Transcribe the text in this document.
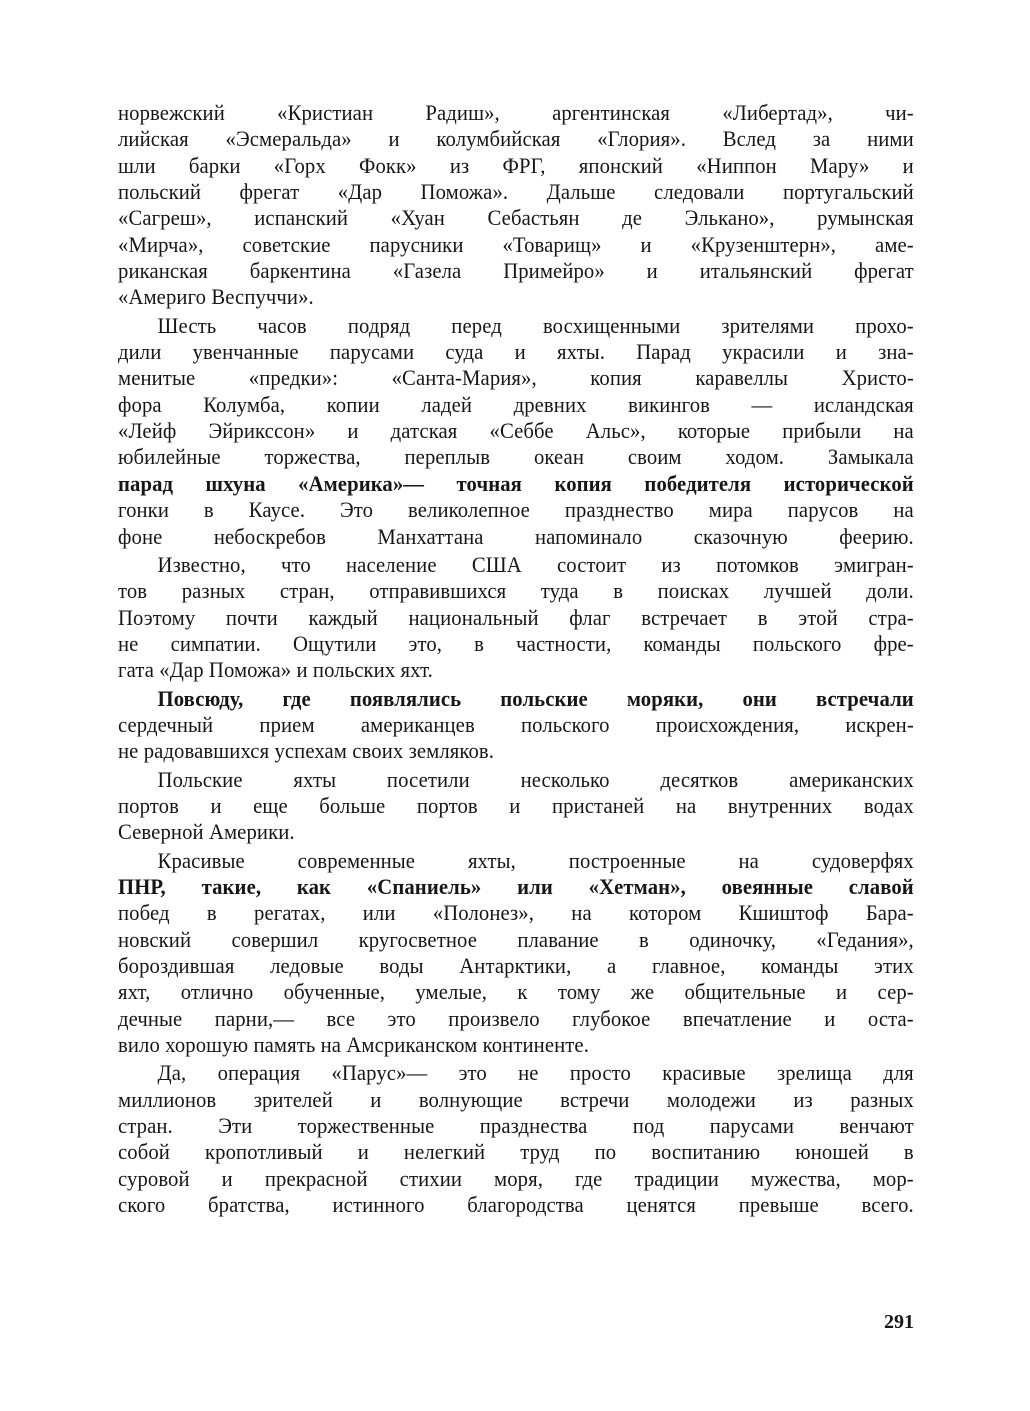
норвежский «Кристиан Радиш», аргентинская «Либертад», чи-
лийская «Эсмеральда» и колумбийская «Глория». Вслед за ними
шли барки «Горх Фокк» из ФРГ, японский «Ниппон Мару» и
польский фрегат «Дар Поможа». Дальше следовали португальский
«Сагреш», испанский «Хуан Себастьян де Элькано», румынская
«Мирча», советские парусники «Товарищ» и «Крузенштерн», аме-
риканская баркентина «Газела Примейро» и итальянский фрегат
«Америго Веспуччи».
Шесть часов подряд перед восхищенными зрителями прохо-
дили увенчанные парусами суда и яхты. Парад украсили и зна-
менитые «предки»: «Санта-Мария», копия каравеллы Христо-
фора Колумба, копии ладей древних викингов — исландская
«Лейф Эйрикссон» и датская «Себбе Альс», которые прибыли на
юбилейные торжества, переплыв океан своим ходом. Замыкала
парад шхуна «Америка»— точная копия победителя исторической
гонки в Каусе. Это великолепное празднество мира парусов на
фоне небоскребов Манхаттана напоминало сказочную феерию.
Известно, что население США состоит из потомков эмигран-
тов разных стран, отправившихся туда в поисках лучшей доли.
Поэтому почти каждый национальный флаг встречает в этой стра-
не симпатии. Ощутили это, в частности, команды польского фре-
гата «Дар Поможа» и польских яхт.
Повсюду, где появлялись польские моряки, они встречали
сердечный прием американцев польского происхождения, искрен-
не радовавшихся успехам своих земляков.
Польские яхты посетили несколько десятков американских
портов и еще больше портов и пристаней на внутренних водах
Северной Америки.
Красивые современные яхты, построенные на судоверфях
ПНР, такие, как «Спаниель» или «Хетман», овеянные славой
побед в регатах, или «Полонез», на котором Кшиштоф Бара-
новский совершил кругосветное плавание в одиночку, «Гедания»,
бороздившая ледовые воды Антарктики, а главное, команды этих
яхт, отлично обученные, умелые, к тому же общительные и сер-
дечные парни,— все это произвело глубокое впечатление и оста-
вило хорошую память на Амсриканском континенте.
Да, операция «Парус»— это не просто красивые зрелища для
миллионов зрителей и волнующие встречи молодежи из разных
стран. Эти торжественные празднества под парусами венчают
собой кропотливый и нелегкий труд по воспитанию юношей в
суровой и прекрасной стихии моря, где традиции мужества, мор-
ского братства, истинного благородства ценятся превыше всего.
291
